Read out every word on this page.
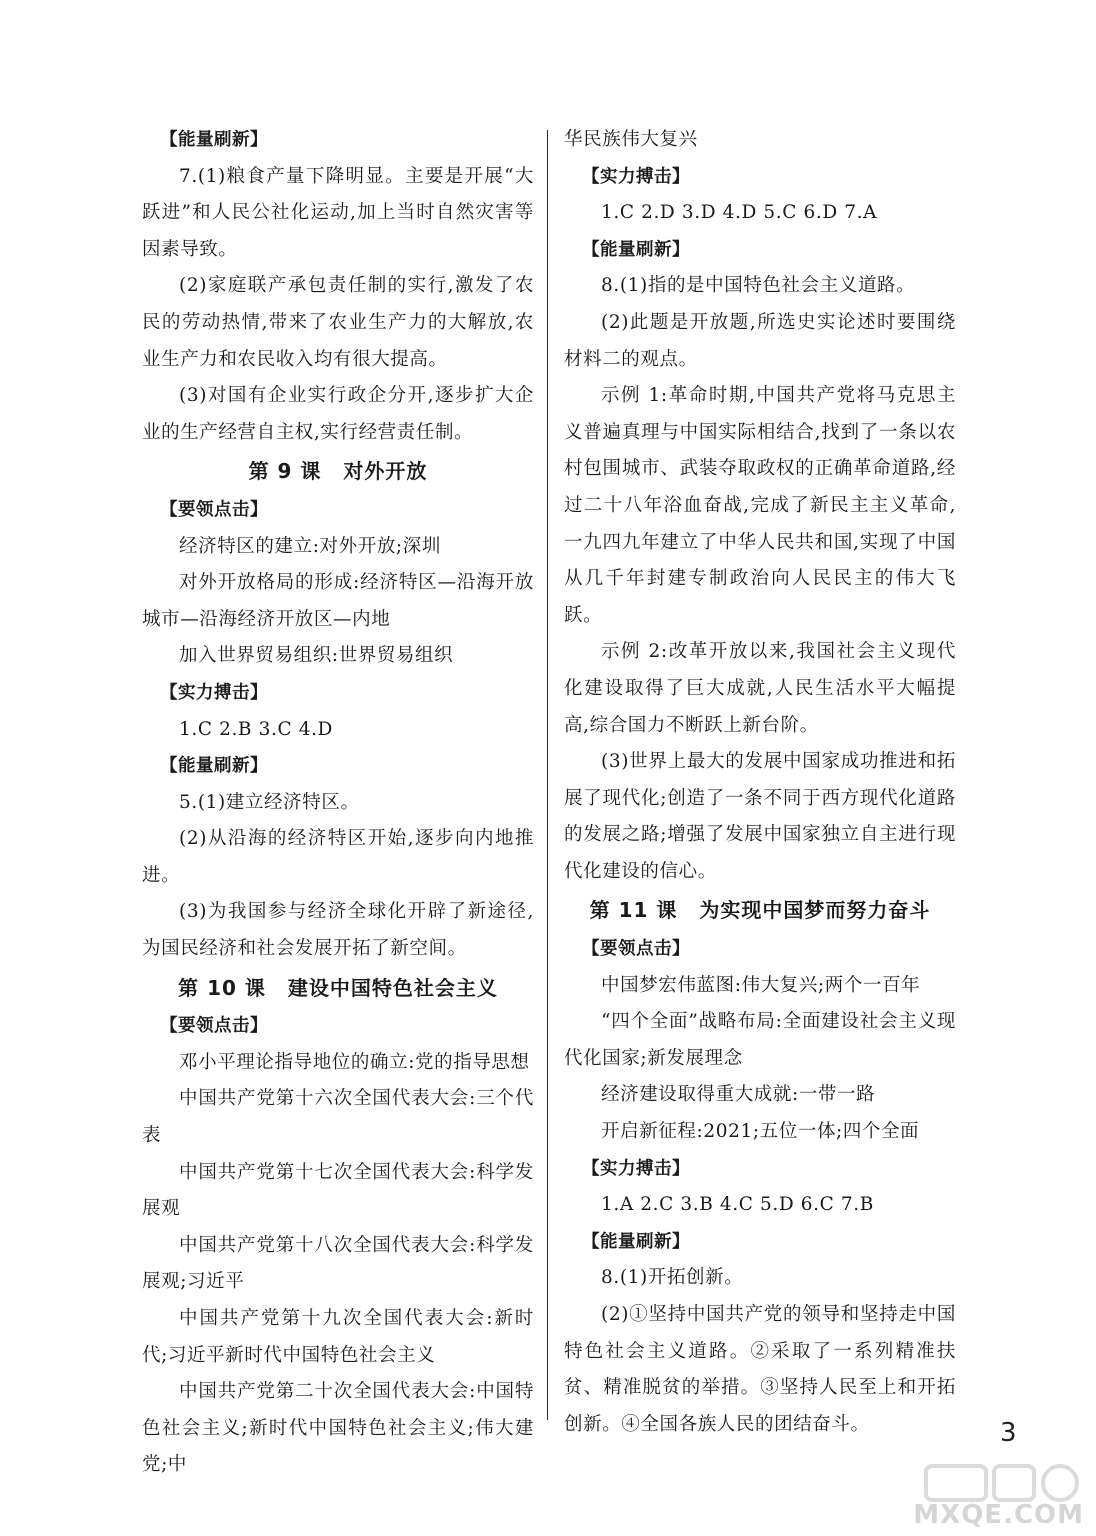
【能量刷新】

7.(1)粮食产量下降明显。主要是开展“大跃进”和人民公社化运动,加上当时自然灾害等因素导致。

(2)家庭联产承包责任制的实行,激发了农民的劳动热情,带来了农业生产力的大解放,农业生产力和农民收入均有很大提高。

(3)对国有企业实行政企分开,逐步扩大企业的生产经营自主权,实行经营责任制。

第 9 课 对外开放
【要领点击】

经济特区的建立:对外开放;深圳

对外开放格局的形成:经济特区—沿海开放城市—沿海经济开放区—内地

加入世界贸易组织:世界贸易组织

【实力搏击】

1.C 2.B 3.C 4.D

【能量刷新】

5.(1)建立经济特区。

(2)从沿海的经济特区开始,逐步向内地推进。

(3)为我国参与经济全球化开辟了新途径,为国民经济和社会发展开拓了新空间。

第 10 课 建设中国特色社会主义
【要领点击】

邓小平理论指导地位的确立:党的指导思想

中国共产党第十六次全国代表大会:三个代表

中国共产党第十七次全国代表大会:科学发展观

中国共产党第十八次全国代表大会:科学发展观;习近平

中国共产党第十九次全国代表大会:新时代;习近平新时代中国特色社会主义

中国共产党第二十次全国代表大会:中国特色社会主义;新时代中国特色社会主义;伟大建党;中

华民族伟大复兴

【实力搏击】

1.C 2.D 3.D 4.D 5.C 6.D 7.A

【能量刷新】

8.(1)指的是中国特色社会主义道路。

(2)此题是开放题,所选史实论述时要围绕材料二的观点。

示例 1:革命时期,中国共产党将马克思主义普遍真理与中国实际相结合,找到了一条以农村包围城市、武装夺取政权的正确革命道路,经过二十八年浴血奋战,完成了新民主主义革命,一九四九年建立了中华人民共和国,实现了中国从几千年封建专制政治向人民民主的伟大飞跃。

示例 2:改革开放以来,我国社会主义现代化建设取得了巨大成就,人民生活水平大幅提高,综合国力不断跃上新台阶。

(3)世界上最大的发展中国家成功推进和拓展了现代化;创造了一条不同于西方现代化道路的发展之路;增强了发展中国家独立自主进行现代化建设的信心。

第 11 课 为实现中国梦而努力奋斗
【要领点击】

中国梦宏伟蓝图:伟大复兴;两个一百年

“四个全面”战略布局:全面建设社会主义现代化国家;新发展理念

经济建设取得重大成就:一带一路

开启新征程:2021;五位一体;四个全面

【实力搏击】

1.A 2.C 3.B 4.C 5.D 6.C 7.B

【能量刷新】

8.(1)开拓创新。

(2)①坚持中国共产党的领导和坚持走中国特色社会主义道路。②采取了一系列精准扶贫、精准脱贫的举措。③坚持人民至上和开拓创新。④全国各族人民的团结奋斗。	3
MXQE.COM
